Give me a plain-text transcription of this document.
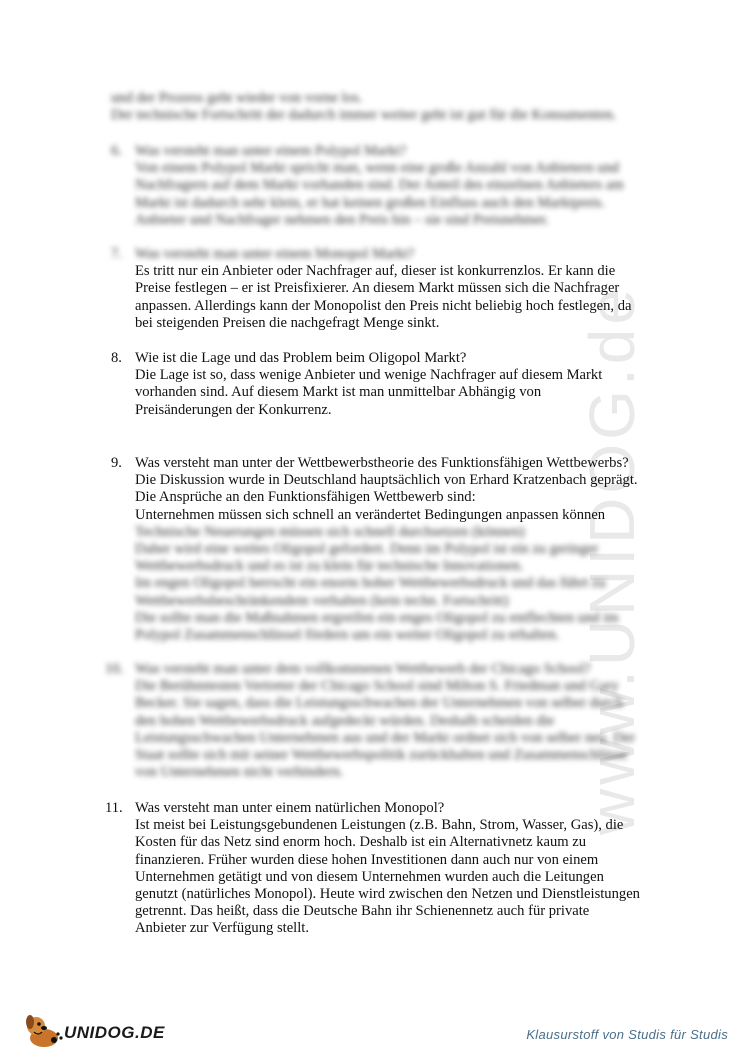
www.UNIDOG.de
und der Prozess geht wieder von vorne los.
Der technische Fortschritt der dadurch immer weiter geht ist gut für die Konsumenten.
6. Was versteht man unter einem Polypol Markt?
Von einem Polypol Markt spricht man, wenn eine große Anzahl von Anbietern und
Nachfragern auf dem Markt vorhanden sind. Der Anteil des einzelnen Anbieters am
Markt ist dadurch sehr klein, er hat keinen großen Einfluss auch den Marktpreis.
Anbieter und Nachfrager nehmen den Preis hin – sie sind Preisnehmer.
7. Was versteht man unter einem Monopol Markt?
Es tritt nur ein Anbieter oder Nachfrager auf, dieser ist konkurrenzlos. Er kann die
Preise festlegen – er ist Preisfixierer. An diesem Markt müssen sich die Nachfrager
anpassen. Allerdings kann der Monopolist den Preis nicht beliebig hoch festlegen, da
bei steigenden Preisen die nachgefragt Menge sinkt.
8. Wie ist die Lage und das Problem beim Oligopol Markt?
Die Lage ist so, dass wenige Anbieter und wenige Nachfrager auf diesem Markt
vorhanden sind. Auf diesem Markt ist man unmittelbar Abhängig von
Preisänderungen der Konkurrenz.
9. Was versteht man unter der Wettbewerbstheorie des Funktionsfähigen Wettbewerbs?
Die Diskussion wurde in Deutschland hauptsächlich von Erhard Kratzenbach geprägt.
Die Ansprüche an den Funktionsfähigen Wettbewerb sind:
Unternehmen müssen sich schnell an verändertet Bedingungen anpassen können
Technische Neuerungen müssen sich schnell durchsetzen (können)
Daher wird eine weites Oligopol gefordert. Denn im Polypol ist ein zu geringer
Wettbewerbsdruck und es ist zu klein für technische Innovationen.
Im engen Oligopol herrscht ein enorm hoher Wettbewerbsdruck und das führt zu
Wettbewerbsbeschränkendem verhalten (kein techn. Fortschritt)
Die sollte man die Maßnahmen ergreifen ein enges Oligopol zu entflechten und im
Polypol Zusammenschlüssel fördern um ein weiter Oligopol zu erhalten.
10. Was versteht man unter dem vollkommenen Wettbewerb der Chicago School?
Die Berühmtesten Vertreter der Chicago School sind Milton S. Friedman und Gary
Becker. Sie sagen, dass die Leistungsschwachen der Unternehmen von selber durch
den hohen Wettbewerbsdruck aufgedeckt würden. Deshalb scheiden die
Leistungsschwachen Unternehmen aus und der Markt ordnet sich von selber neu. Der
Staat sollte sich mit seiner Wettbewerbspolitik zurückhalten und Zusammenschlüsse
von Unternehmen nicht verhindern.
11. Was versteht man unter einem natürlichen Monopol?
Ist meist bei Leistungsgebundenen Leistungen (z.B. Bahn, Strom, Wasser, Gas), die
Kosten für das Netz sind enorm hoch. Deshalb ist ein Alternativnetz kaum zu
finanzieren. Früher wurden diese hohen Investitionen dann auch nur von einem
Unternehmen getätigt und von diesem Unternehmen wurden auch die Leitungen
genutzt (natürliches Monopol). Heute wird zwischen den Netzen und Dienstleistungen
getrennt. Das heißt, dass die Deutsche Bahn ihr Schienennetz auch für private
Anbieter zur Verfügung stellt.
UNIDOG.DE	Klausurstoff von Studis für Studis
